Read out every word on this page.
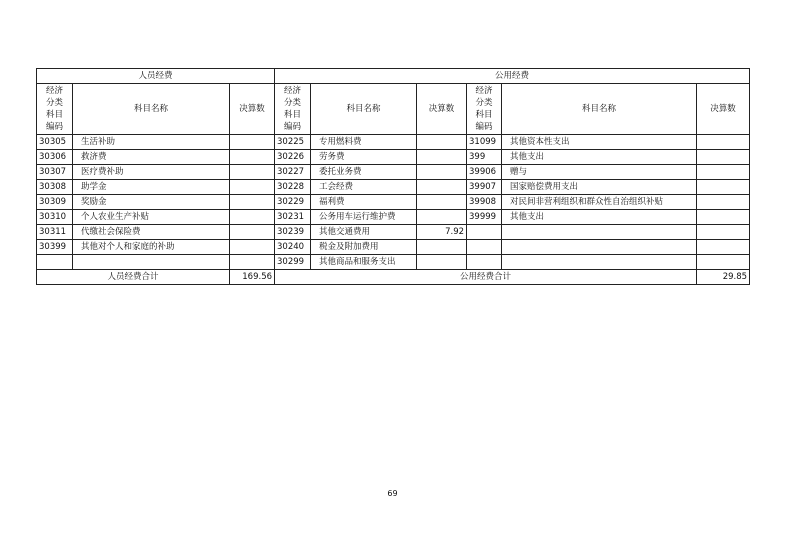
人员经费			公用经费					

经济
分类
科目
编码	科目名称	决算数	经济
分类
科目
编码	科目名称	决算数	经济
分类
科目
编码	科目名称	决算数
30305	生活补助		30225	专用燃料费		31099	其他资本性支出	
30306	救济费		30226	劳务费		399	其他支出	
30307	医疗费补助		30227	委托业务费		39906	赠与	
30308	助学金		30228	工会经费		39907	国家赔偿费用支出	
30309	奖励金		30229	福利费		39908	对民间非营利组织和群众性自治组织补贴	
30310	个人农业生产补贴		30231	公务用车运行维护费		39999	其他支出	
30311	代缴社会保险费		30239	其他交通费用	7.92			
30399	其他对个人和家庭的补助		30240	税金及附加费用				
			30299	其他商品和服务支出				
人员经费合计		169.56	公用经费合计					29.85
69
